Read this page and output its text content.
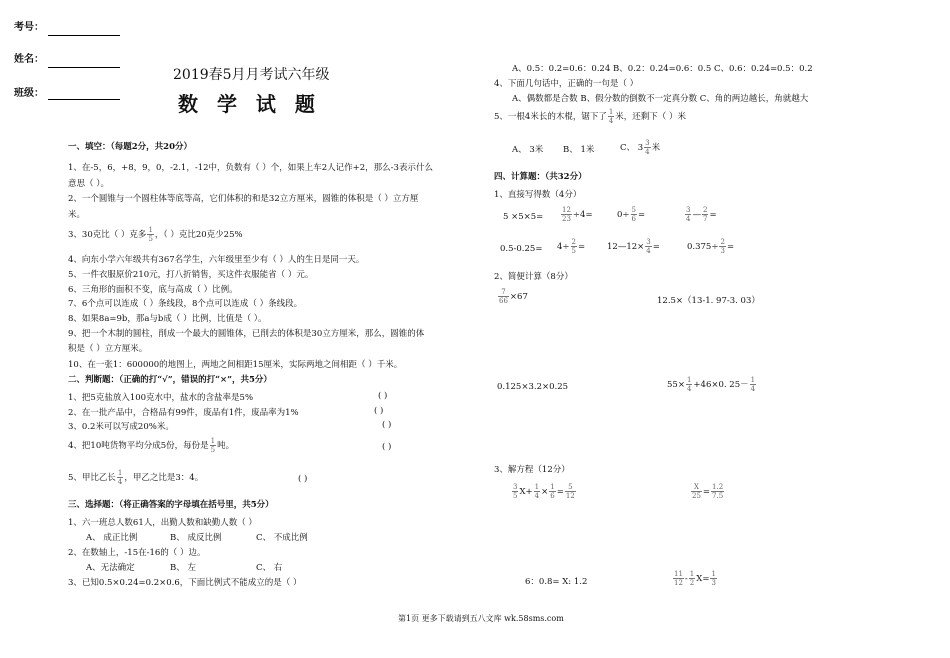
考号：
姓名：
班级：
2019春5月月考试六年级
数 学 试 题
一、填空：（每题2分，共20分）
1、在-5，6，+8，9，0，-2.1，-12中，负数有（ ）个，如果上车2人记作+2，那么-3表示什么
意思（ ）。
2、一个圆锥与一个圆柱体等底等高，它们体积的和是32立方厘米，圆锥的体积是（ ）立方厘
米。
3、30克比（ ）克多 $\frac{1}{5}$ ，（ ）克比20克少25%
4、向东小学六年级共有367名学生，六年级里至少有（ ）人的生日是同一天。
5、一件衣服原价210元，打八折销售，买这件衣服能省（ ）元。
6、三角形的面积不变，底与高成（ ）比例。
7、6个点可以连成（ ）条线段，8个点可以连成（ ）条线段。
8、如果8a=9b，那a与b成（ ）比例，比值是（ ）。
9、把一个木制的圆柱，削成一个最大的圆锥体，已削去的体积是30立方厘米，那么，圆锥的体
积是（ ）立方厘米。
10、在一张1：600000的地图上，两地之间相距15厘米，实际两地之间相距（ ）千米。
二、判断题：（正确的打“√”，错误的打“×”，共5分）
1、把5克盐放入100克水中，盐水的含盐率是5%	( )
2、在一批产品中，合格品有99件，废品有1件，废品率为1%	( )
3、0.2米可以写成20%米。	( )
4、把10吨货物平均分成5份，每份是 $\frac{1}{5}$ 吨。	( )
5、甲比乙长 $\frac{1}{4}$ ，甲乙之比是3：4。	( )
三、选择题：（将正确答案的字母填在括号里，共5分）
1、六一班总人数61人，出勤人数和缺勤人数（ ）
A、 成正比例	B、 成反比例	C、 不成比例
2、在数轴上，-15在-16的（ ）边。
A、无法确定	B、 左	C、 右
3、已知0.5×0.24=0.2×0.6，下面比例式不能成立的是（ ）
A、0.5：0.2=0.6：0.24 B、0.2：0.24=0.6：0.5 C、0.6：0.24=0.5：0.2
4、下面几句话中，正确的一句是（ ）
A、偶数都是合数 B、假分数的倒数不一定真分数 C、角的两边越长，角就越大
5、一根4米长的木棍，锯下了 $\frac{1}{4}$ 米，还剩下（ ）米
A、 3米 B、 1米	C、 $3 \frac{3}{4}$ 米
四、计算题：（共32分）
1、直接写得数（4分）
5 ×5×5=	$\frac{12}{23} \div 4=$	$0\div \frac{5}{6}$ =	$\frac{3}{4}$ — $\frac{2}{7}$ =
$0.5-0.25= 4\div \frac{2}{5}$ =	12—12× $\frac{3}{4}$ =	$0.375\div \frac{2}{3}$ =
2、简便计算（8分）
$\frac{7}{66} \times 67$	12.5×（13-1. 97-3. 03）
0.125×3.2×0.25	$55\times \frac{1}{4} +46\times 0$. $25- \frac{1}{4}$
3、解方程（12分）
$\frac{3}{5} X+ \frac{1}{4} \times \frac{1}{6} = \frac{5}{12}$	$\frac{X}{25} = \frac{1.2}{7.5}$
6：0.8= X: 1.2	$\frac{11}{12} - \frac{1}{2} X= \frac{1}{3}$
第1页 更多下载请到五八文库 wk.58sms.com
